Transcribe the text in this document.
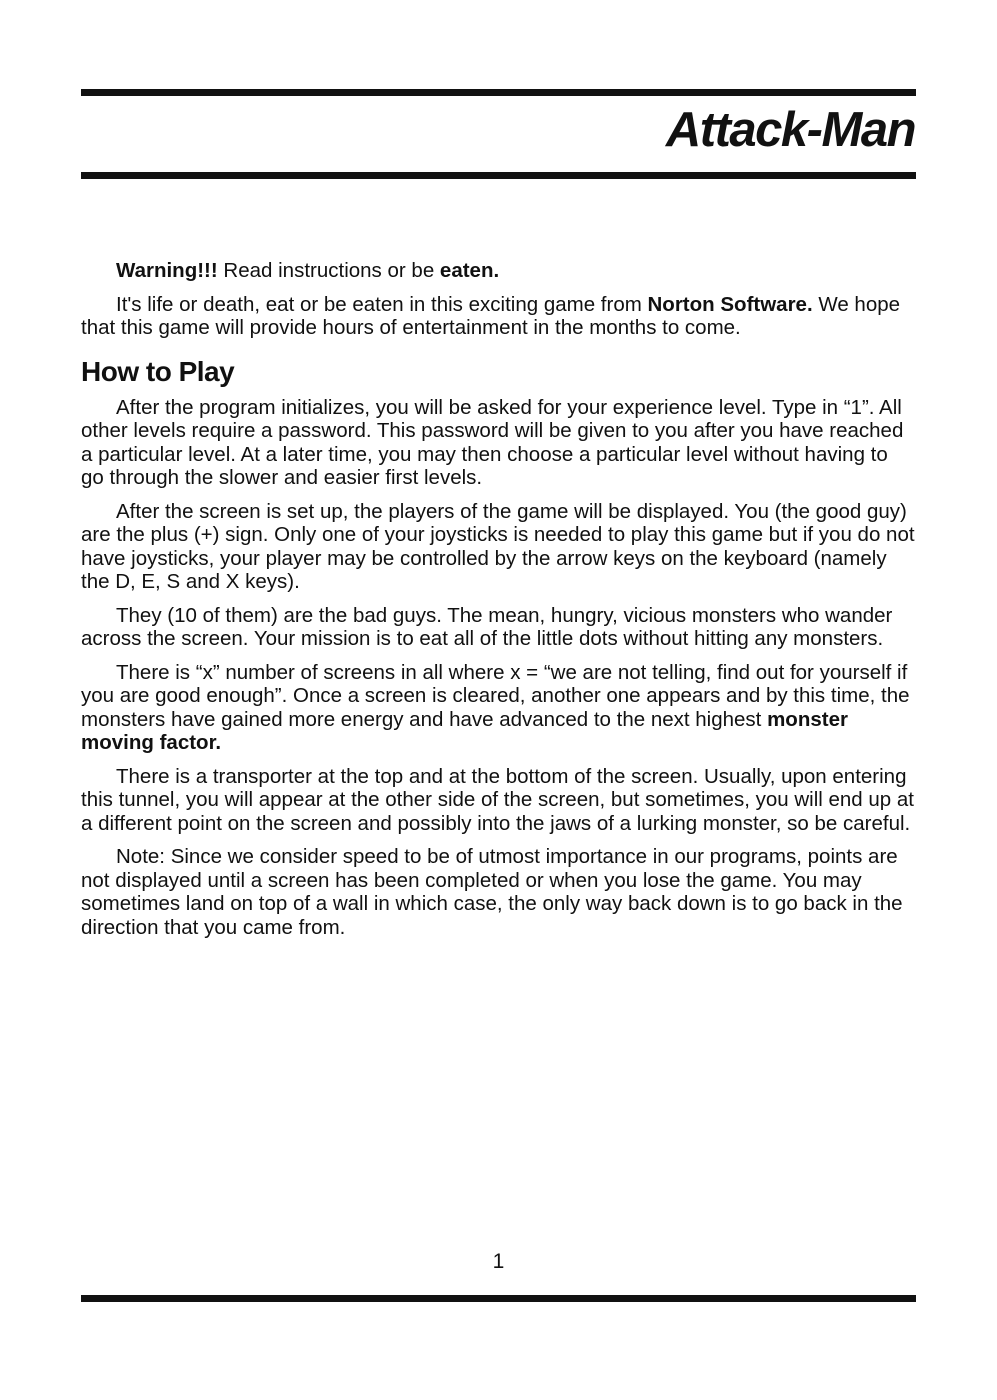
Attack-Man

Warning!!! Read instructions or be eaten.

It's life or death, eat or be eaten in this exciting game from Norton Software. We hope that this game will provide hours of entertainment in the months to come.

How to Play

After the program initializes, you will be asked for your experience level. Type in “1”. All other levels require a password. This password will be given to you after you have reached a particular level. At a later time, you may then choose a particular level without having to go through the slower and easier first levels.

After the screen is set up, the players of the game will be displayed. You (the good guy) are the plus (+) sign. Only one of your joysticks is needed to play this game but if you do not have joysticks, your player may be controlled by the arrow keys on the keyboard (namely the D, E, S and X keys).

They (10 of them) are the bad guys. The mean, hungry, vicious monsters who wander across the screen. Your mission is to eat all of the little dots without hitting any monsters.

There is “x” number of screens in all where x = “we are not telling, find out for yourself if you are good enough”. Once a screen is cleared, another one appears and by this time, the monsters have gained more energy and have advanced to the next highest monster moving factor.

There is a transporter at the top and at the bottom of the screen. Usually, upon entering this tunnel, you will appear at the other side of the screen, but sometimes, you will end up at a different point on the screen and possibly into the jaws of a lurking monster, so be careful.

Note: Since we consider speed to be of utmost importance in our programs, points are not displayed until a screen has been completed or when you lose the game. You may sometimes land on top of a wall in which case, the only way back down is to go back in the direction that you came from.

1
